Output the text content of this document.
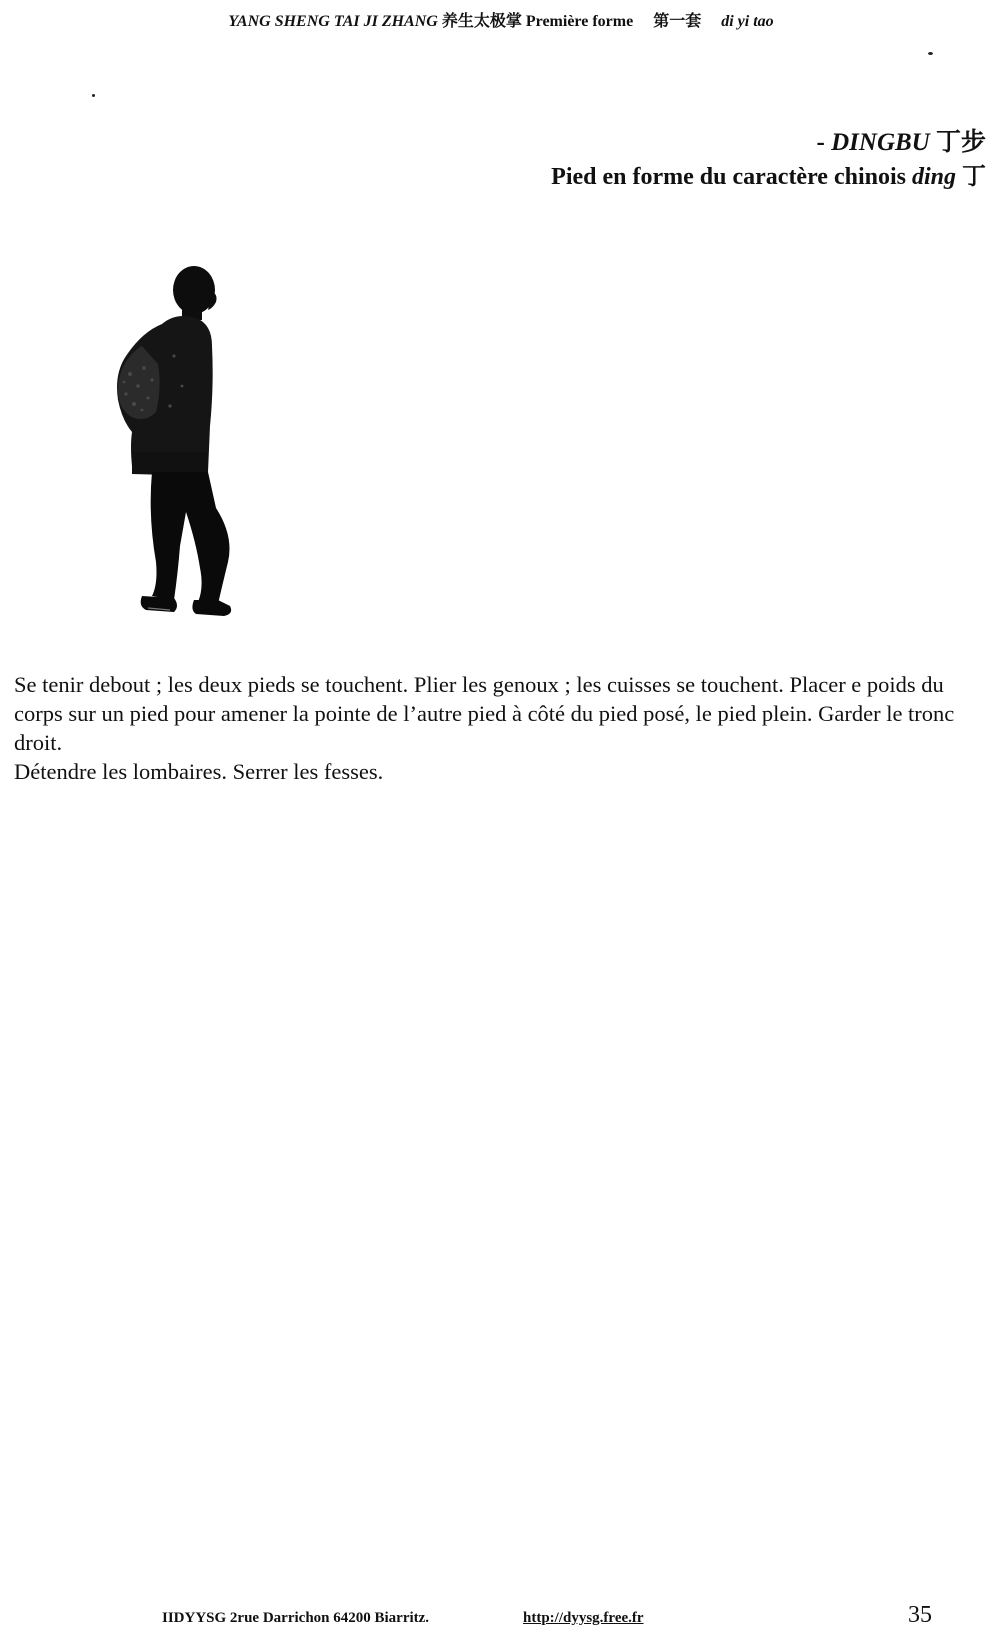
YANG SHENG TAI JI ZHANG 养生太极掌 Première forme 第一套 di yi tao
- DINGBU 丁步
Pied en forme du caractère chinois ding 丁

Se tenir debout ; les deux pieds se touchent. Plier les genoux ; les cuisses se touchent. Placer e poids du corps sur un pied pour amener la pointe de l’autre pied à côté du pied posé, le pied plein. Garder le tronc droit.

Détendre les lombaires. Serrer les fesses.

IIDYYSG 2rue Darrichon 64200 Biarritz.	http://dyysg.free.fr	35
